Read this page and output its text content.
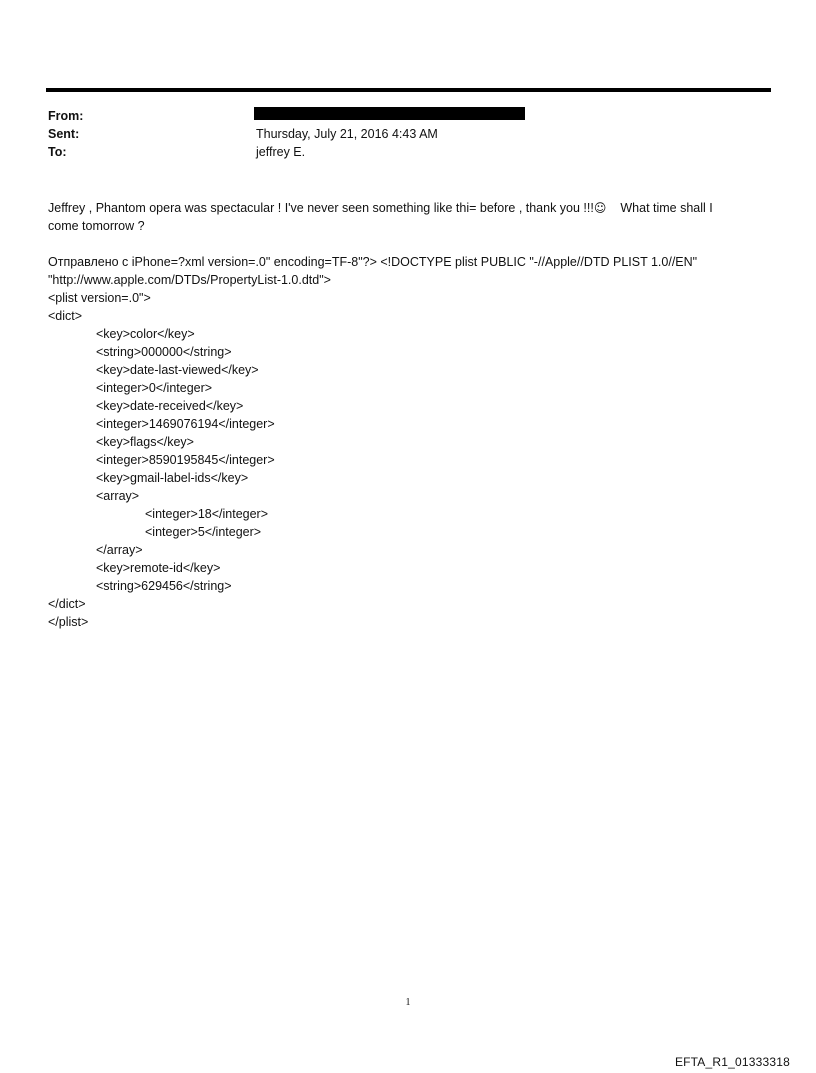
From:
Sent:	Thursday, July 21, 2016 4:43 AM
To:	jeffrey E.
Jeffrey , Phantom opera was spectacular ! I've never seen something like thi= before , thank you !!!☺ What time shall I
come tomorrow ?
Отправлено с iPhone=?xml version=.0" encoding=TF-8"?> <!DOCTYPE plist PUBLIC "-//Apple//DTD PLIST 1.0//EN"
"http://www.apple.com/DTDs/PropertyList-1.0.dtd">
<plist version=.0">
<dict>
<key>color</key>
<string>000000</string>
<key>date-last-viewed</key>
<integer>0</integer>
<key>date-received</key>
<integer>1469076194</integer>
<key>flags</key>
<integer>8590195845</integer>
<key>gmail-label-ids</key>
<array>
<integer>18</integer>
<integer>5</integer>
</array>
<key>remote-id</key>
<string>629456</string>
</dict>
</plist>
1
EFTA_R1_01333318
